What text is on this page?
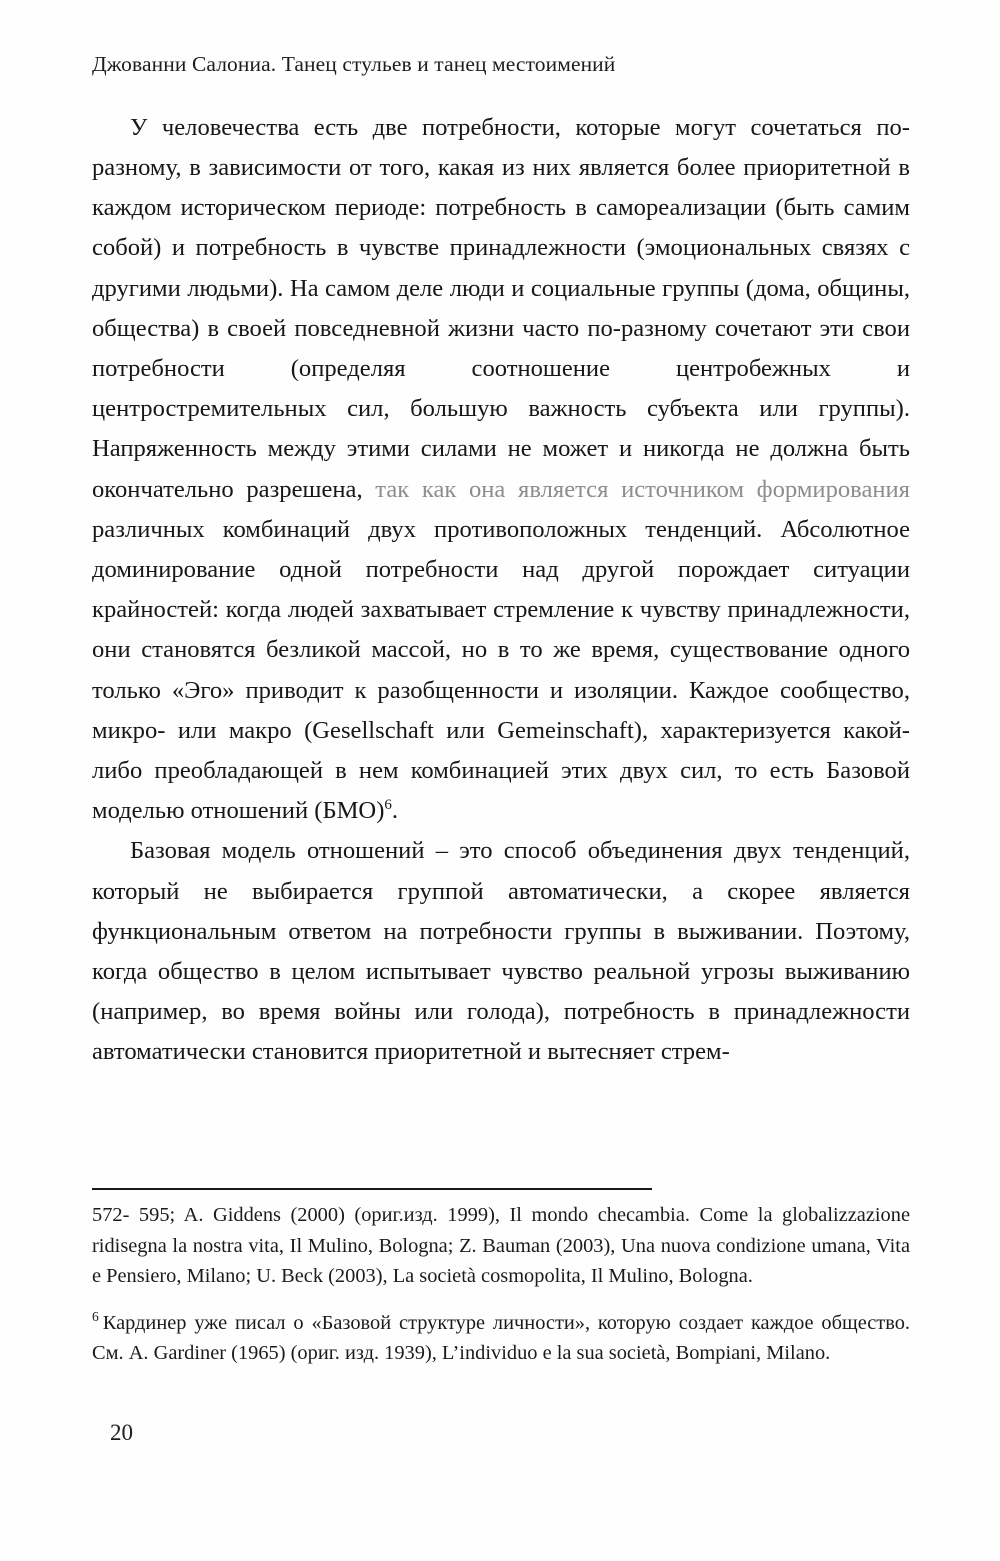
Джованни Салониа. Танец стульев и танец местоимений

У человечества есть две потребности, которые могут сочетаться по-разному, в зависимости от того, какая из них является более приоритетной в каждом историческом периоде: потребность в самореализации (быть самим собой) и потребность в чувстве принадлежности (эмоциональных связях с другими людьми). На самом деле люди и социальные группы (дома, общины, общества) в своей повседневной жизни часто по-разному сочетают эти свои потребности (определяя соотношение центробежных и центростремительных сил, большую важность субъекта или группы). Напряженность между этими силами не может и никогда не должна быть окончательно разрешена, так как она является источником формирования различных комбинаций двух противоположных тенденций. Абсолютное доминирование одной потребности над другой порождает ситуации крайностей: когда людей захватывает стремление к чувству принадлежности, они становятся безликой массой, но в то же время, существование одного только «Эго» приводит к разобщенности и изоляции. Каждое сообщество, микро- или макро (Gesellschaft или Gemeinschaft), характеризуется какой-либо преобладающей в нем комбинацией этих двух сил, то есть Базовой моделью отношений (БМО)$^6$.

Базовая модель отношений – это способ объединения двух тенденций, который не выбирается группой автоматически, а скорее является функциональным ответом на потребности группы в выживании. Поэтому, когда общество в целом испытывает чувство реальной угрозы выживанию (например, во время войны или голода), потребность в принадлежности автоматически становится приоритетной и вытесняет стрем-

572- 595; A. Giddens (2000) (ориг.изд. 1999), Il mondo checambia. Come la globalizzazione ridisegna la nostra vita, Il Mulino, Bologna; Z. Bauman (2003), Una nuova condizione umana, Vita e Pensiero, Milano; U. Beck (2003), La società cosmopolita, Il Mulino, Bologna.

$^6$ Кардинер уже писал о «Базовой структуре личности», которую создает каждое общество. См. A. Gardiner (1965) (ориг. изд. 1939), L’individuo e la sua società, Bompiani, Milano.

20
